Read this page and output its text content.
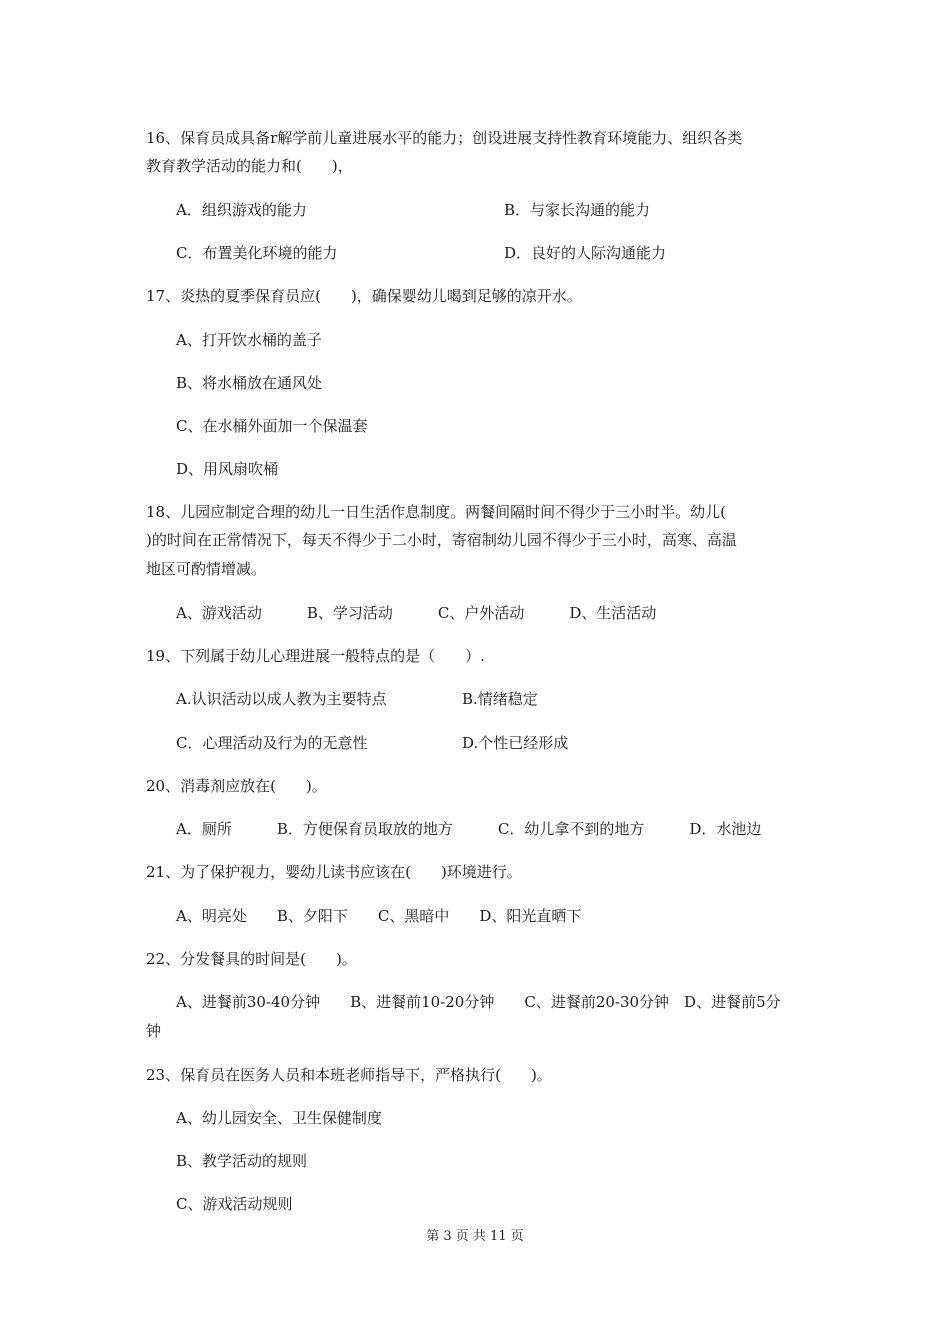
16、保育员成具备r解学前儿童进展水平的能力；创设进展支持性教育环境能力、组织各类
教育教学活动的能力和(　　)，
A．组织游戏的能力	B．与家长沟通的能力
C．布置美化环境的能力	D．良好的人际沟通能力
17、炎热的夏季保育员应(　　)，确保婴幼儿喝到足够的凉开水。
A、打开饮水桶的盖子
B、将水桶放在通风处
C、在水桶外面加一个保温套
D、用风扇吹桶
18、儿园应制定合理的幼儿一日生活作息制度。两餐间隔时间不得少于三小时半。幼儿(
)的时间在正常情况下，每天不得少于二小时，寄宿制幼儿园不得少于三小时，高寒、高温
地区可酌情增减。
A、游戏活动　　　B、学习活动　　　C、户外活动　　　D、生活活动
19、下列属于幼儿心理进展一般特点的是（　　）.
A.认识活动以成人教为主要特点	B.情绪稳定
C．心理活动及行为的无意性	D.个性已经形成
20、消毒剂应放在(　　)。
A．厕所　　　B．方便保育员取放的地方　　　C．幼儿拿不到的地方　　　D．水池边
21、为了保护视力，婴幼儿读书应该在(　　)环境进行。
A、明亮处　　B、夕阳下　　C、黑暗中　　D、阳光直晒下
22、分发餐具的时间是(　　)。
A、进餐前30-40分钟　　B、进餐前10-20分钟　　C、进餐前20-30分钟　D、进餐前5分
钟
23、保育员在医务人员和本班老师指导下，严格执行(　　)。
A、幼儿园安全、卫生保健制度
B、教学活动的规则
C、游戏活动规则
第 3 页 共 11 页
